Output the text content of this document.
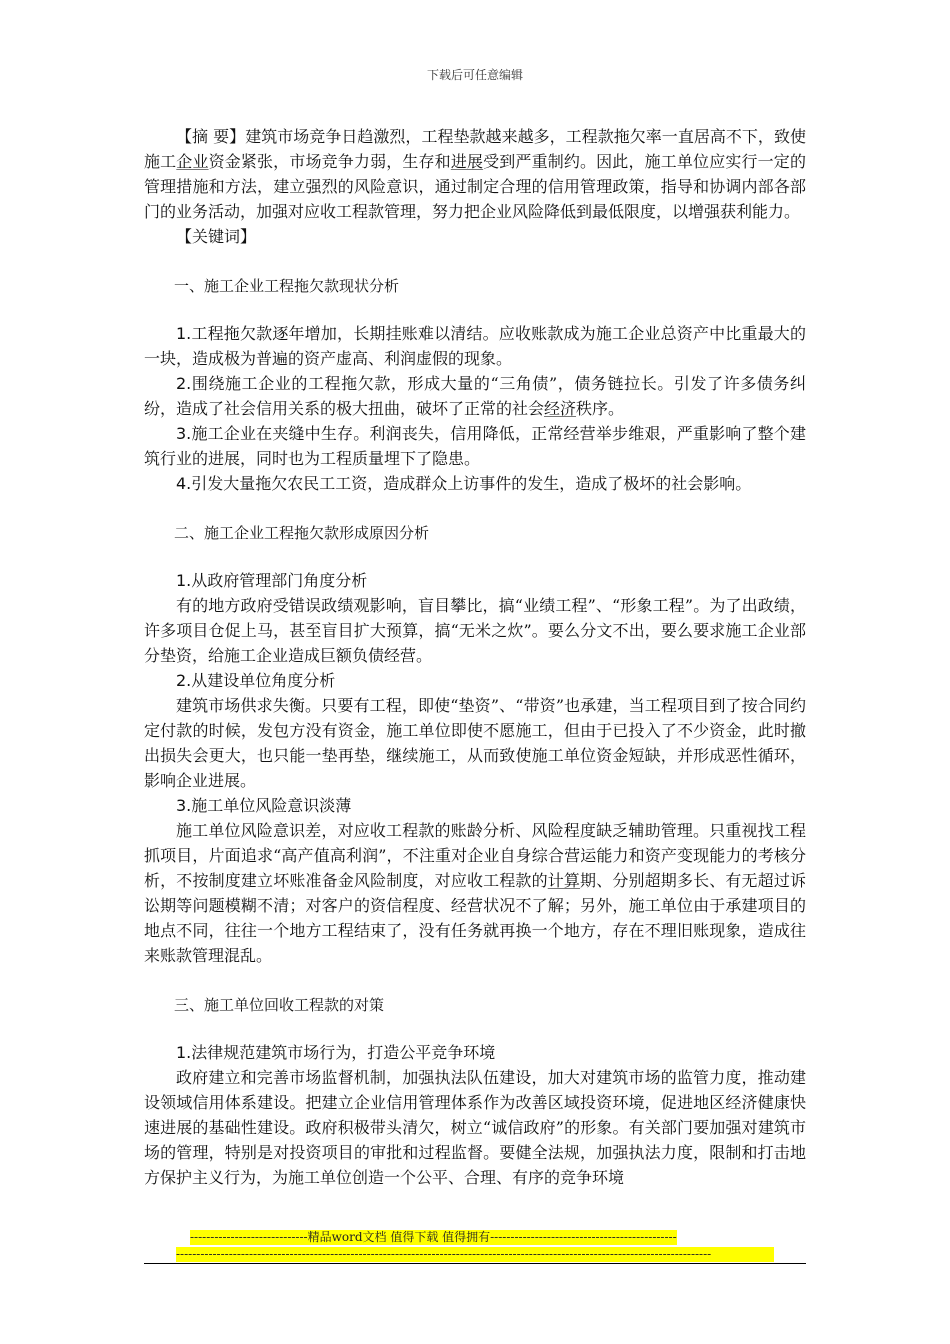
下载后可任意编辑

【摘 要】建筑市场竞争日趋激烈，工程垫款越来越多，工程款拖欠率一直居高不下，致使施工企业资金紧张，市场竞争力弱，生存和进展受到严重制约。因此，施工单位应实行一定的管理措施和方法，建立强烈的风险意识，通过制定合理的信用管理政策，指导和协调内部各部门的业务活动，加强对应收工程款管理，努力把企业风险降低到最低限度，以增强获利能力。

【关键词】

一、施工企业工程拖欠款现状分析

1.工程拖欠款逐年增加，长期挂账难以清结。应收账款成为施工企业总资产中比重最大的一块，造成极为普遍的资产虚高、利润虚假的现象。

2.围绕施工企业的工程拖欠款，形成大量的“三角债”，债务链拉长。引发了许多债务纠纷，造成了社会信用关系的极大扭曲，破坏了正常的社会经济秩序。

3.施工企业在夹缝中生存。利润丧失，信用降低，正常经营举步维艰，严重影响了整个建筑行业的进展，同时也为工程质量埋下了隐患。

4.引发大量拖欠农民工工资，造成群众上访事件的发生，造成了极坏的社会影响。

二、施工企业工程拖欠款形成原因分析

1.从政府管理部门角度分析

有的地方政府受错误政绩观影响，盲目攀比，搞“业绩工程”、“形象工程”。为了出政绩，许多项目仓促上马，甚至盲目扩大预算，搞“无米之炊”。要么分文不出，要么要求施工企业部分垫资，给施工企业造成巨额负债经营。

2.从建设单位角度分析

建筑市场供求失衡。只要有工程，即使“垫资”、“带资”也承建，当工程项目到了按合同约定付款的时候，发包方没有资金，施工单位即使不愿施工，但由于已投入了不少资金，此时撤出损失会更大，也只能一垫再垫，继续施工，从而致使施工单位资金短缺，并形成恶性循环，影响企业进展。

3.施工单位风险意识淡薄

施工单位风险意识差，对应收工程款的账龄分析、风险程度缺乏辅助管理。只重视找工程抓项目，片面追求“高产值高利润”，不注重对企业自身综合营运能力和资产变现能力的考核分析，不按制度建立坏账准备金风险制度，对应收工程款的计算期、分别超期多长、有无超过诉讼期等问题模糊不清；对客户的资信程度、经营状况不了解；另外，施工单位由于承建项目的地点不同，往往一个地方工程结束了，没有任务就再换一个地方，存在不理旧账现象，造成往来账款管理混乱。

三、施工单位回收工程款的对策

1.法律规范建筑市场行为，打造公平竞争环境

政府建立和完善市场监督机制，加强执法队伍建设，加大对建筑市场的监管力度，推动建设领域信用体系建设。把建立企业信用管理体系作为改善区域投资环境，促进地区经济健康快速进展的基础性建设。政府积极带头清欠，树立“诚信政府”的形象。有关部门要加强对建筑市场的管理，特别是对投资项目的审批和过程监督。要健全法规，加强执法力度，限制和打击地方保护主义行为，为施工单位创造一个公平、合理、有序的竞争环境

-----------------------------精品word文档 值得下载 值得拥有----------------------------------------------
------------------------------------------------------------------------------------------------------------------------------------
